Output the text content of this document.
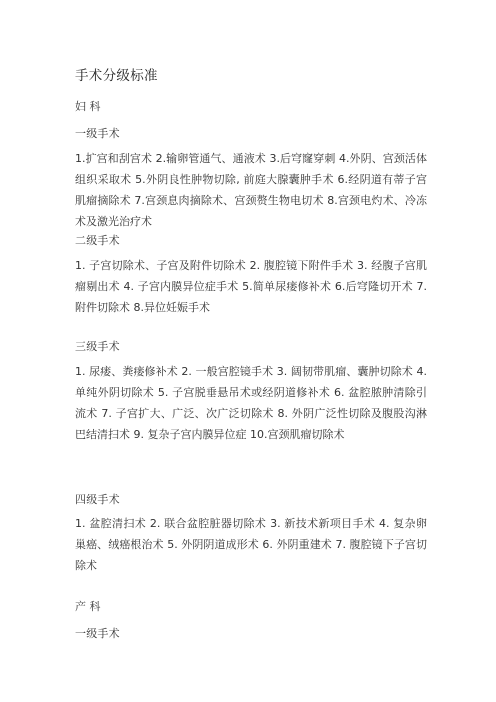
手术分级标准
妇 科
一级手术
1.扩宫和刮宫术 2.输卵管通气、通液术 3.后穹窿穿刺 4.外阴、宫颈活体组织采取术 5.外阴良性肿物切除, 前庭大腺囊肿手术 6.经阴道有蒂子宫肌瘤摘除术 7.宫颈息肉摘除术、宫颈赘生物电切术 8.宫颈电灼术、冷冻术及激光治疗术
二级手术
1. 子宫切除术、子宫及附件切除术 2. 腹腔镜下附件手术 3. 经腹子宫肌瘤剔出术 4. 子宫内膜异位症手术 5.简单尿瘘修补术 6.后穹隆切开术 7.附件切除术 8.异位妊娠手术
三级手术
1. 尿瘘、粪瘘修补术 2. 一般宫腔镜手术 3. 阔韧带肌瘤、囊肿切除术 4. 单纯外阴切除术 5. 子宫脱垂悬吊术或经阴道修补术 6. 盆腔脓肿清除引流术 7. 子宫扩大、广泛、次广泛切除术 8. 外阴广泛性切除及腹股沟淋巴结清扫术 9. 复杂子宫内膜异位症 10.宫颈肌瘤切除术
四级手术
1. 盆腔清扫术 2. 联合盆腔脏器切除术 3. 新技术新项目手术 4. 复杂卵巢癌、绒癌根治术 5. 外阴阴道成形术 6. 外阴重建术 7. 腹腔镜下子宫切除术
产 科
一级手术
